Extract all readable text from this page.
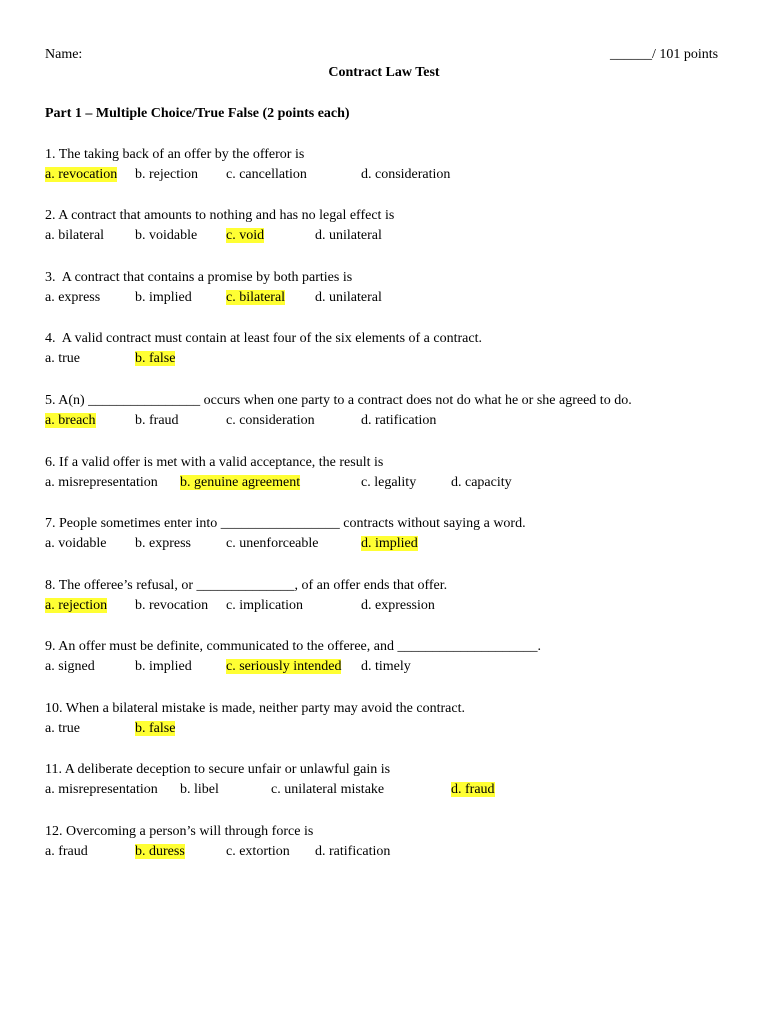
Name:	______/ 101 points
Contract Law Test
Part 1 – Multiple Choice/True False (2 points each)
1. The taking back of an offer by the offeror is
a. revocation b. rejection c. cancellation	d. consideration
2. A contract that amounts to nothing and has no legal effect is
a. bilateral b. voidable c. void	d. unilateral
3.  A contract that contains a promise by both parties is
a. express b. implied c. bilateral d. unilateral
4.  A valid contract must contain at least four of the six elements of a contract.
a. true	b. false
5. A(n) ________________ occurs when one party to a contract does not do what he or she agreed to do.
a. breach	b. fraud	c. consideration	d. ratification
6. If a valid offer is met with a valid acceptance, the result is
a. misrepresentation b. genuine agreement	c. legality d. capacity
7. People sometimes enter into _________________ contracts without saying a word.
a. voidable b. express	c. unenforceable	d. implied
8. The offeree’s refusal, or ______________, of an offer ends that offer.
a. rejection b. revocation c. implication	d. expression
9. An offer must be definite, communicated to the offeree, and ____________________.
a. signed	b. implied c. seriously intended d. timely
10. When a bilateral mistake is made, neither party may avoid the contract.
a. true	b. false
11. A deliberate deception to secure unfair or unlawful gain is
a. misrepresentation b. libel	c. unilateral mistake	d. fraud
12. Overcoming a person’s will through force is
a. fraud	b. duress	c. extortion d. ratification
